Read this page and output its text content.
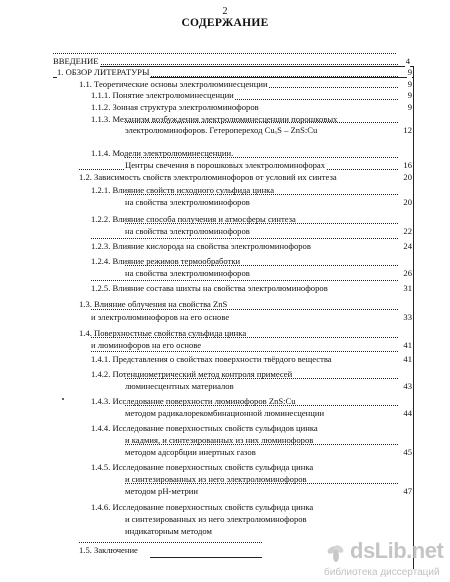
2
СОДЕРЖАНИЕ
ВВЕДЕНИЕ	4
1. ОБЗОР ЛИТЕРАТУРЫ	9
1.1. Теоретические основы электролюминесценции	9
1.1.1. Понятие электролюминесценции	9
1.1.2. Зонная структура электролюминофоров	9
1.1.3. Механизм возбуждения электролюминесценции порошковых
электролюминофоров. Гетеропереход CuₓS – ZnS:Cu	12
1.1.4. Модели электролюминесценции.
Центры свечения в порошковых электролюминофорах	16
1.2. Зависимость свойств электролюминофоров от условий их синтеза	20
1.2.1. Влияние свойств исходного сульфида цинка
на свойства электролюминофоров	20
1.2.2. Влияние способа получения и атмосферы синтеза
на свойства электролюминофоров	22
1.2.3. Влияние кислорода на свойства электролюминофоров	24
1.2.4. Влияние режимов термообработки
на свойства электролюминофоров	26
1.2.5. Влияние состава шихты на свойства электролюминофоров	31
1.3. Влияние облучения на свойства ZnS
и электролюминофоров на его основе	33
1.4. Поверхностные свойства сульфида цинка
и люминофоров на его основе	41
1.4.1. Представления о свойствах поверхности твёрдого вещества	41
1.4.2. Потенциометрический метод контроля примесей
люминесцентных материалов	43
1.4.3. Исследование поверхности люминофоров ZnS:Cu
методом радикалорекомбинационной люминесценции	44
1.4.4. Исследование поверхностных свойств сульфидов цинка
и кадмия, и синтезированных из них люминофоров
методом адсорбции инертных газов	45
1.4.5. Исследование поверхностных свойств сульфида цинка
и синтезированных из него электролюминофоров
методом pH-метрии	47
1.4.6. Исследование поверхностных свойств сульфида цинка
и синтезированных из него электролюминофоров
индикаторным методом
1.5. Заключение	dsLib.net
библиотека диссертаций
